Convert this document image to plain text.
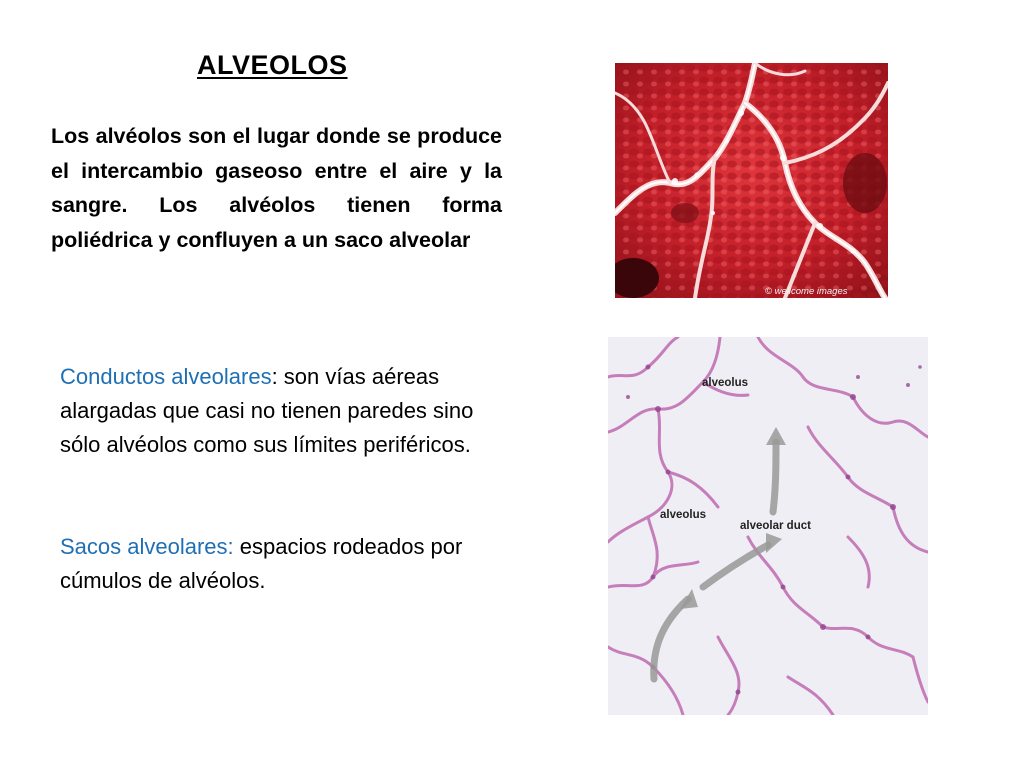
ALVEOLOS

Los alvéolos son el lugar donde se produce el intercambio gaseoso entre el aire y la sangre. Los alvéolos tienen forma poliédrica y confluyen a un saco alveolar

Conductos alveolares: son vías aéreas alargadas que casi no tienen paredes sino sólo alvéolos como sus límites periféricos.

Sacos alveolares: espacios rodeados por cúmulos de alvéolos.

© wellcome images
alveolus
alveolar duct
alveolus
